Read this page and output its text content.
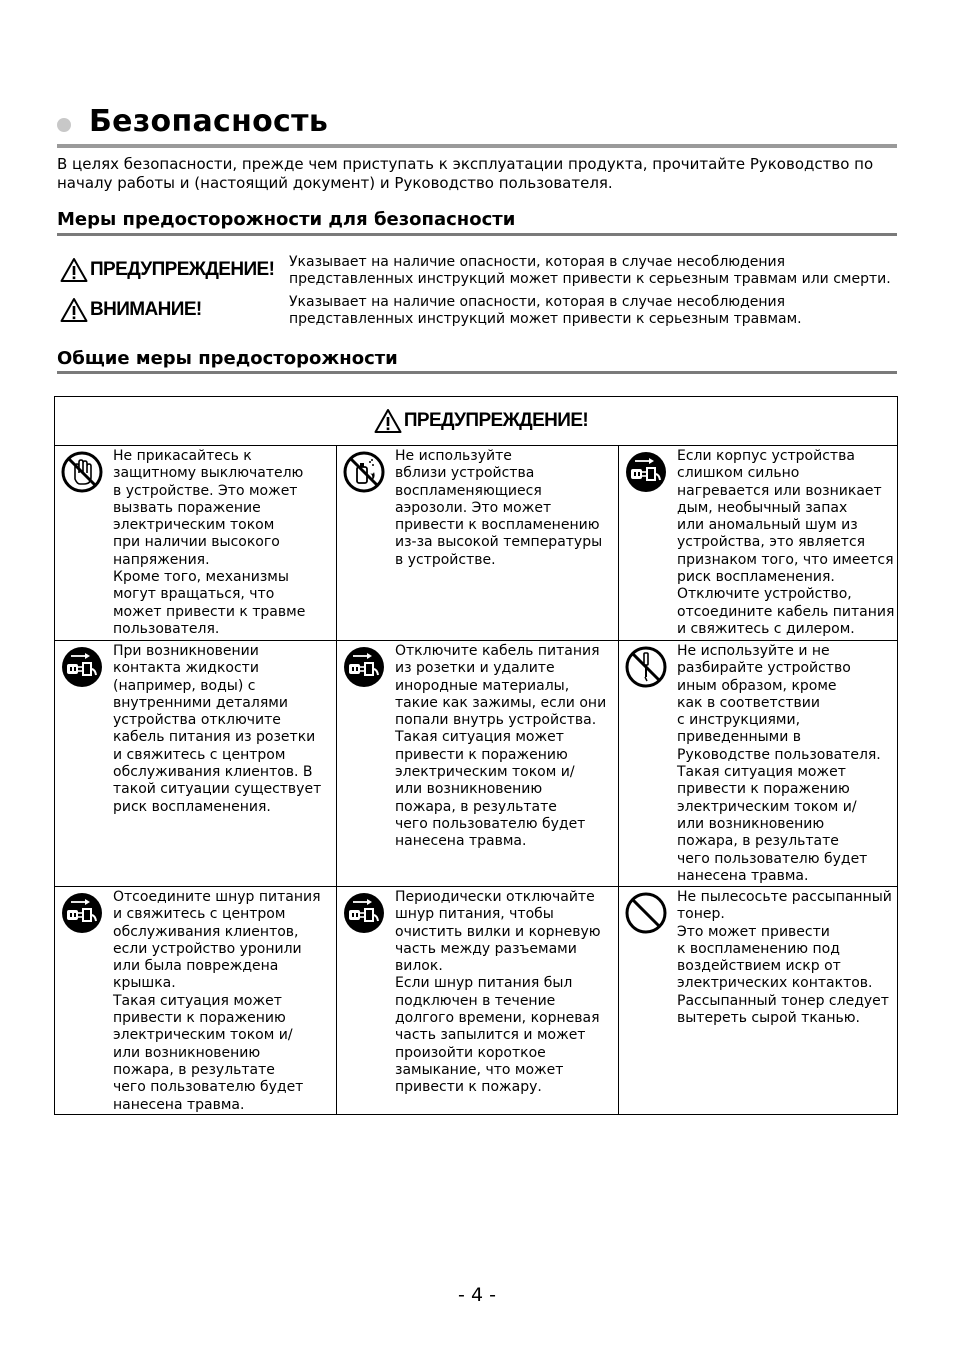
Безопасность
В целях безопасности, прежде чем приступать к эксплуатации продукта, прочитайте Руководство по началу работы и (настоящий документ) и Руководство пользователя.
Меры предосторожности для безопасности
ПРЕДУПРЕЖДЕНИЕ! Указывает на наличие опасности, которая в случае несоблюдения представленных инструкций может привести к серьезным травмам или смерти.
ВНИМАНИЕ!	Указывает на наличие опасности, которая в случае несоблюдения представленных инструкций может привести к серьезным травмам.
Общие меры предосторожности
ПРЕДУПРЕЖДЕНИЕ!
Не прикасайтесь к
защитному выключателю
в устройстве. Это может
вызвать поражение
электрическим током
при наличии высокого
напряжения.
Кроме того, механизмы
могут вращаться, что
может привести к травме
пользователя.
Не используйте
вблизи устройства
воспламеняющиеся
аэрозоли. Это может
привести к воспламенению
из-за высокой температуры
в устройстве.
Если корпус устройства
слишком сильно
нагревается или возникает
дым, необычный запах
или аномальный шум из
устройства, это является
признаком того, что имеется
риск воспламенения.
Отключите устройство,
отсоедините кабель питания
и свяжитесь с дилером.
При возникновении
контакта жидкости
(например, воды) с
внутренними деталями
устройства отключите
кабель питания из розетки
и свяжитесь с центром
обслуживания клиентов. В
такой ситуации существует
риск воспламенения.
Отключите кабель питания
из розетки и удалите
инородные материалы,
такие как зажимы, если они
попали внутрь устройства.
Такая ситуация может
привести к поражению
электрическим током и/
или возникновению
пожара, в результате
чего пользователю будет
нанесена травма.
Не используйте и не
разбирайте устройство
иным образом, кроме
как в соответствии
с инструкциями,
приведенными в
Руководстве пользователя.
Такая ситуация может
привести к поражению
электрическим током и/
или возникновению
пожара, в результате
чего пользователю будет
нанесена травма.
Отсоедините шнур питания
и свяжитесь с центром
обслуживания клиентов,
если устройство уронили
или была повреждена
крышка.
Такая ситуация может
привести к поражению
электрическим током и/
или возникновению
пожара, в результате
чего пользователю будет
нанесена травма.
Периодически отключайте
шнур питания, чтобы
очистить вилки и корневую
часть между разъемами
вилок.
Если шнур питания был
подключен в течение
долгого времени, корневая
часть запылится и может
произойти короткое
замыкание, что может
привести к пожару.
Не пылесосьте рассыпанный
тонер.
Это может привести
к воспламенению под
воздействием искр от
электрических контактов.
Рассыпанный тонер следует
вытереть сырой тканью.
- 4 -
